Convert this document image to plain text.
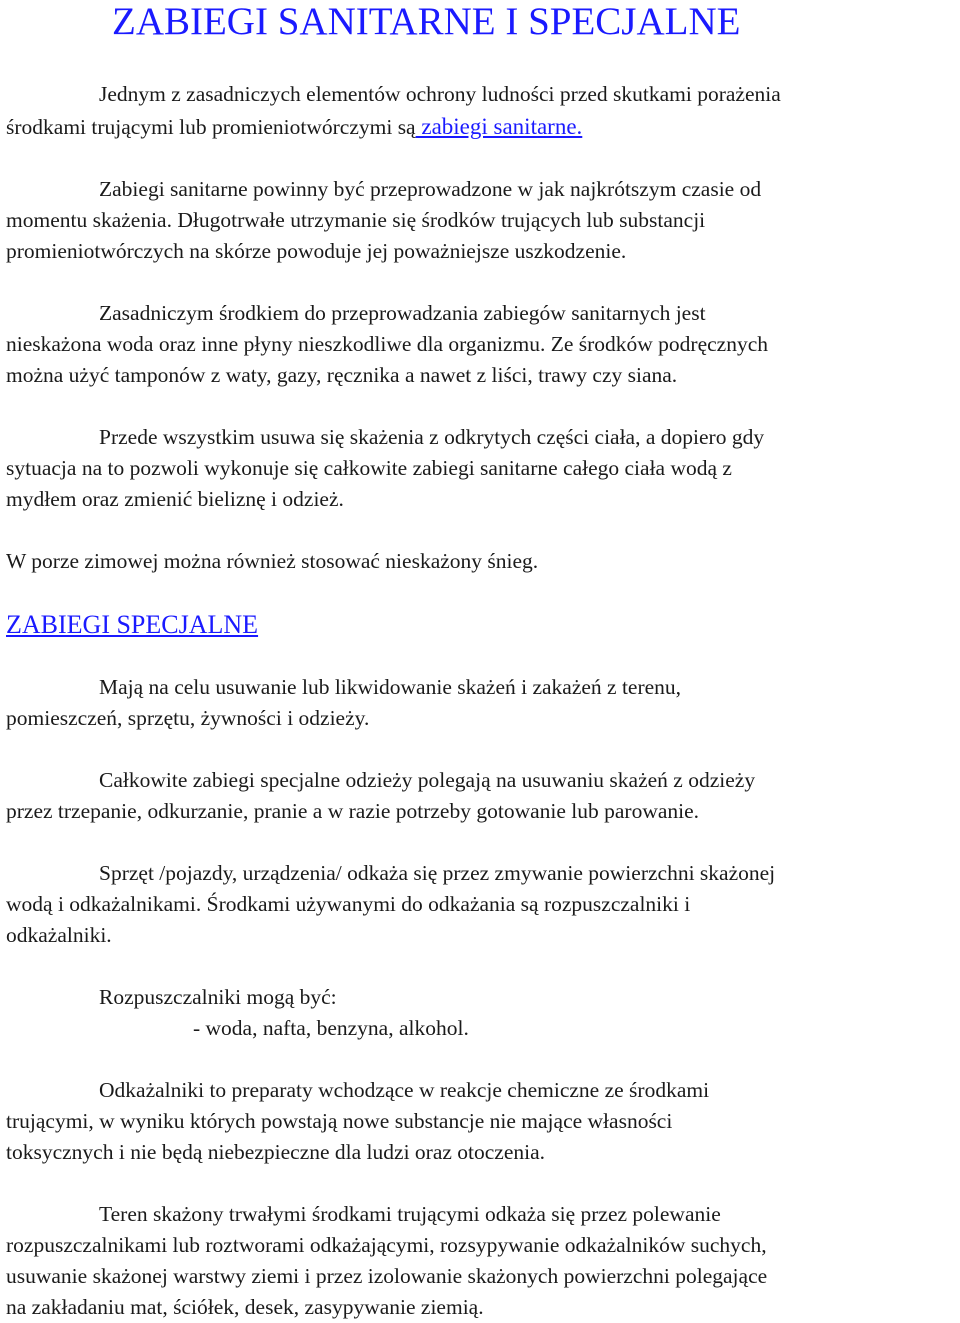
ZABIEGI SANITARNE I SPECJALNE

Jednym z zasadniczych elementów ochrony ludności przed skutkami porażenia

środkami trującymi lub promieniotwórczymi są zabiegi sanitarne.

Zabiegi sanitarne powinny być przeprowadzone w jak najkrótszym czasie od

momentu skażenia. Długotrwałe utrzymanie się środków trujących lub substancji

promieniotwórczych na skórze powoduje jej poważniejsze uszkodzenie.

Zasadniczym środkiem do przeprowadzania zabiegów sanitarnych jest

nieskażona woda oraz inne płyny nieszkodliwe dla organizmu. Ze środków podręcznych

można użyć tamponów z waty, gazy, ręcznika a nawet z liści, trawy czy siana.

Przede wszystkim usuwa się skażenia z odkrytych części ciała, a dopiero gdy

sytuacja na to pozwoli wykonuje się całkowite zabiegi sanitarne całego ciała wodą z

mydłem oraz zmienić bieliznę i odzież.

W porze zimowej można również stosować nieskażony śnieg.

ZABIEGI SPECJALNE

Mają na celu usuwanie lub likwidowanie skażeń i zakażeń z terenu,

pomieszczeń, sprzętu, żywności i odzieży.

Całkowite zabiegi specjalne odzieży polegają na usuwaniu skażeń z odzieży

przez trzepanie, odkurzanie, pranie a w razie potrzeby gotowanie lub parowanie.

Sprzęt /pojazdy, urządzenia/ odkaża się przez zmywanie powierzchni skażonej

wodą i odkażalnikami. Środkami używanymi do odkażania są rozpuszczalniki i

odkażalniki.

Rozpuszczalniki mogą być:

- woda, nafta, benzyna, alkohol.

Odkażalniki to preparaty wchodzące w reakcje chemiczne ze środkami

trującymi, w wyniku których powstają nowe substancje nie mające własności

toksycznych i nie będą niebezpieczne dla ludzi oraz otoczenia.

Teren skażony trwałymi środkami trującymi odkaża się przez polewanie

rozpuszczalnikami lub roztworami odkażającymi, rozsypywanie odkażalników suchych,

usuwanie skażonej warstwy ziemi i przez izolowanie skażonych powierzchni polegające

na zakładaniu mat, ściółek, desek, zasypywanie ziemią.
